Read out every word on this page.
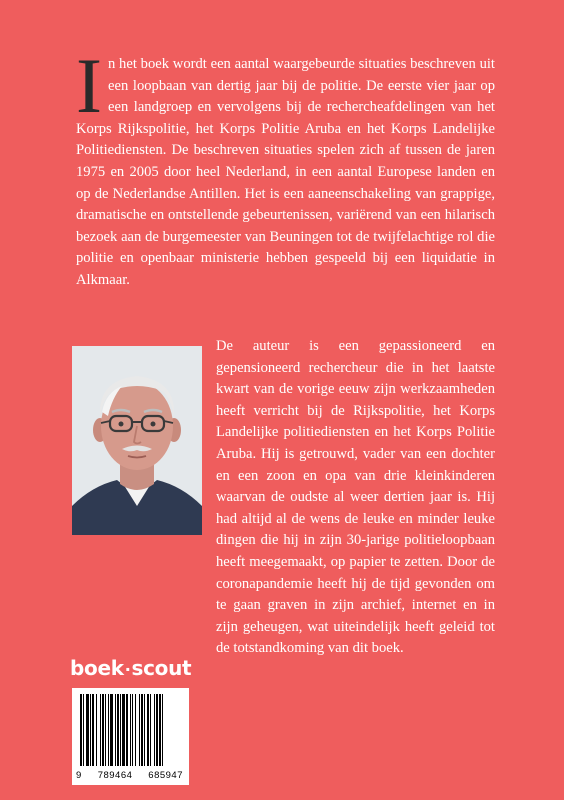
In het boek wordt een aantal waargebeurde situaties beschreven uit een loopbaan van dertig jaar bij de politie. De eerste vier jaar op een landgroep en vervolgens bij de rechercheafdelingen van het Korps Rijkspolitie, het Korps Politie Aruba en het Korps Landelijke Politiediensten. De beschreven situaties spelen zich af tussen de jaren 1975 en 2005 door heel Nederland, in een aantal Europese landen en op de Nederlandse Antillen. Het is een aaneenschakeling van grappige, dramatische en ontstellende gebeurtenissen, variërend van een hilarisch bezoek aan de burgemeester van Beuningen tot de twijfelachtige rol die politie en openbaar ministerie hebben gespeeld bij een liquidatie in Alkmaar.

De auteur is een gepassioneerd en gepensioneerd rechercheur die in het laatste kwart van de vorige eeuw zijn werkzaamheden heeft verricht bij de Rijkspolitie, het Korps Landelijke politiediensten en het Korps Politie Aruba. Hij is getrouwd, vader van een dochter en een zoon en opa van drie kleinkinderen waarvan de oudste al weer dertien jaar is. Hij had altijd al de wens de leuke en minder leuke dingen die hij in zijn 30-jarige politieloopbaan heeft meegemaakt, op papier te zetten. Door de coronapandemie heeft hij de tijd gevonden om te gaan graven in zijn archief, internet en in zijn geheugen, wat uiteindelijk heeft geleid tot de totstandkoming van dit boek.

boek·scout
9 789464 685947
